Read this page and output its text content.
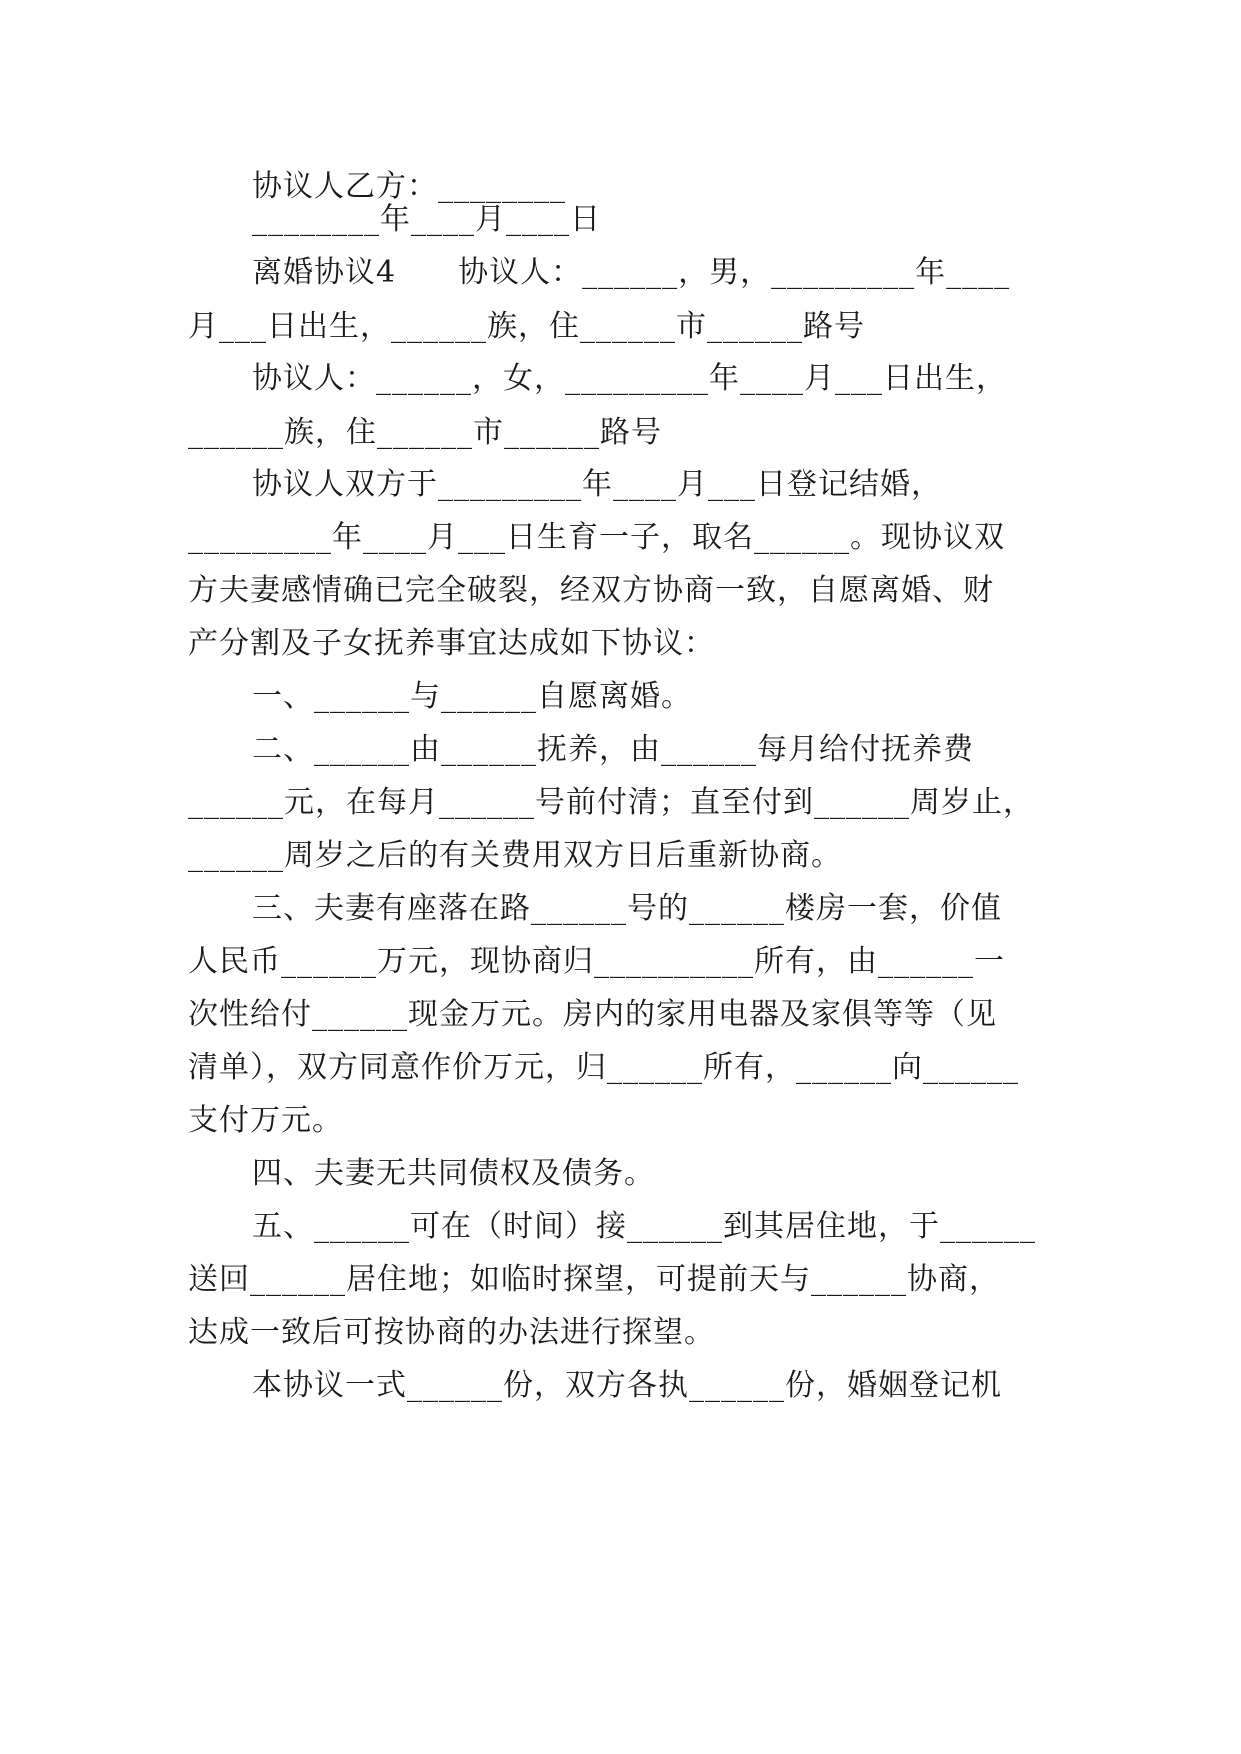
协议人乙方：________
________年____月____日
离婚协议4　　协议人：______，男，_________年____
月___日出生，______族，住______市______路号
协议人：______，女，_________年____月___日出生，
______族，住______市______路号
协议人双方于_________年____月___日登记结婚，
_________年____月___日生育一子，取名______。现协议双
方夫妻感情确已完全破裂，经双方协商一致，自愿离婚、财
产分割及子女抚养事宜达成如下协议：
一、______与______自愿离婚。
二、______由______抚养，由______每月给付抚养费
______元，在每月______号前付清；直至付到______周岁止，
______周岁之后的有关费用双方日后重新协商。
三、夫妻有座落在路______号的______楼房一套，价值
人民币______万元，现协商归__________所有，由______一
次性给付______现金万元。房内的家用电器及家俱等等（见
清单），双方同意作价万元，归______所有，______向______
支付万元。
四、夫妻无共同债权及债务。
五、______可在（时间）接______到其居住地，于______
送回______居住地；如临时探望，可提前天与______协商，
达成一致后可按协商的办法进行探望。
本协议一式______份，双方各执______份，婚姻登记机
